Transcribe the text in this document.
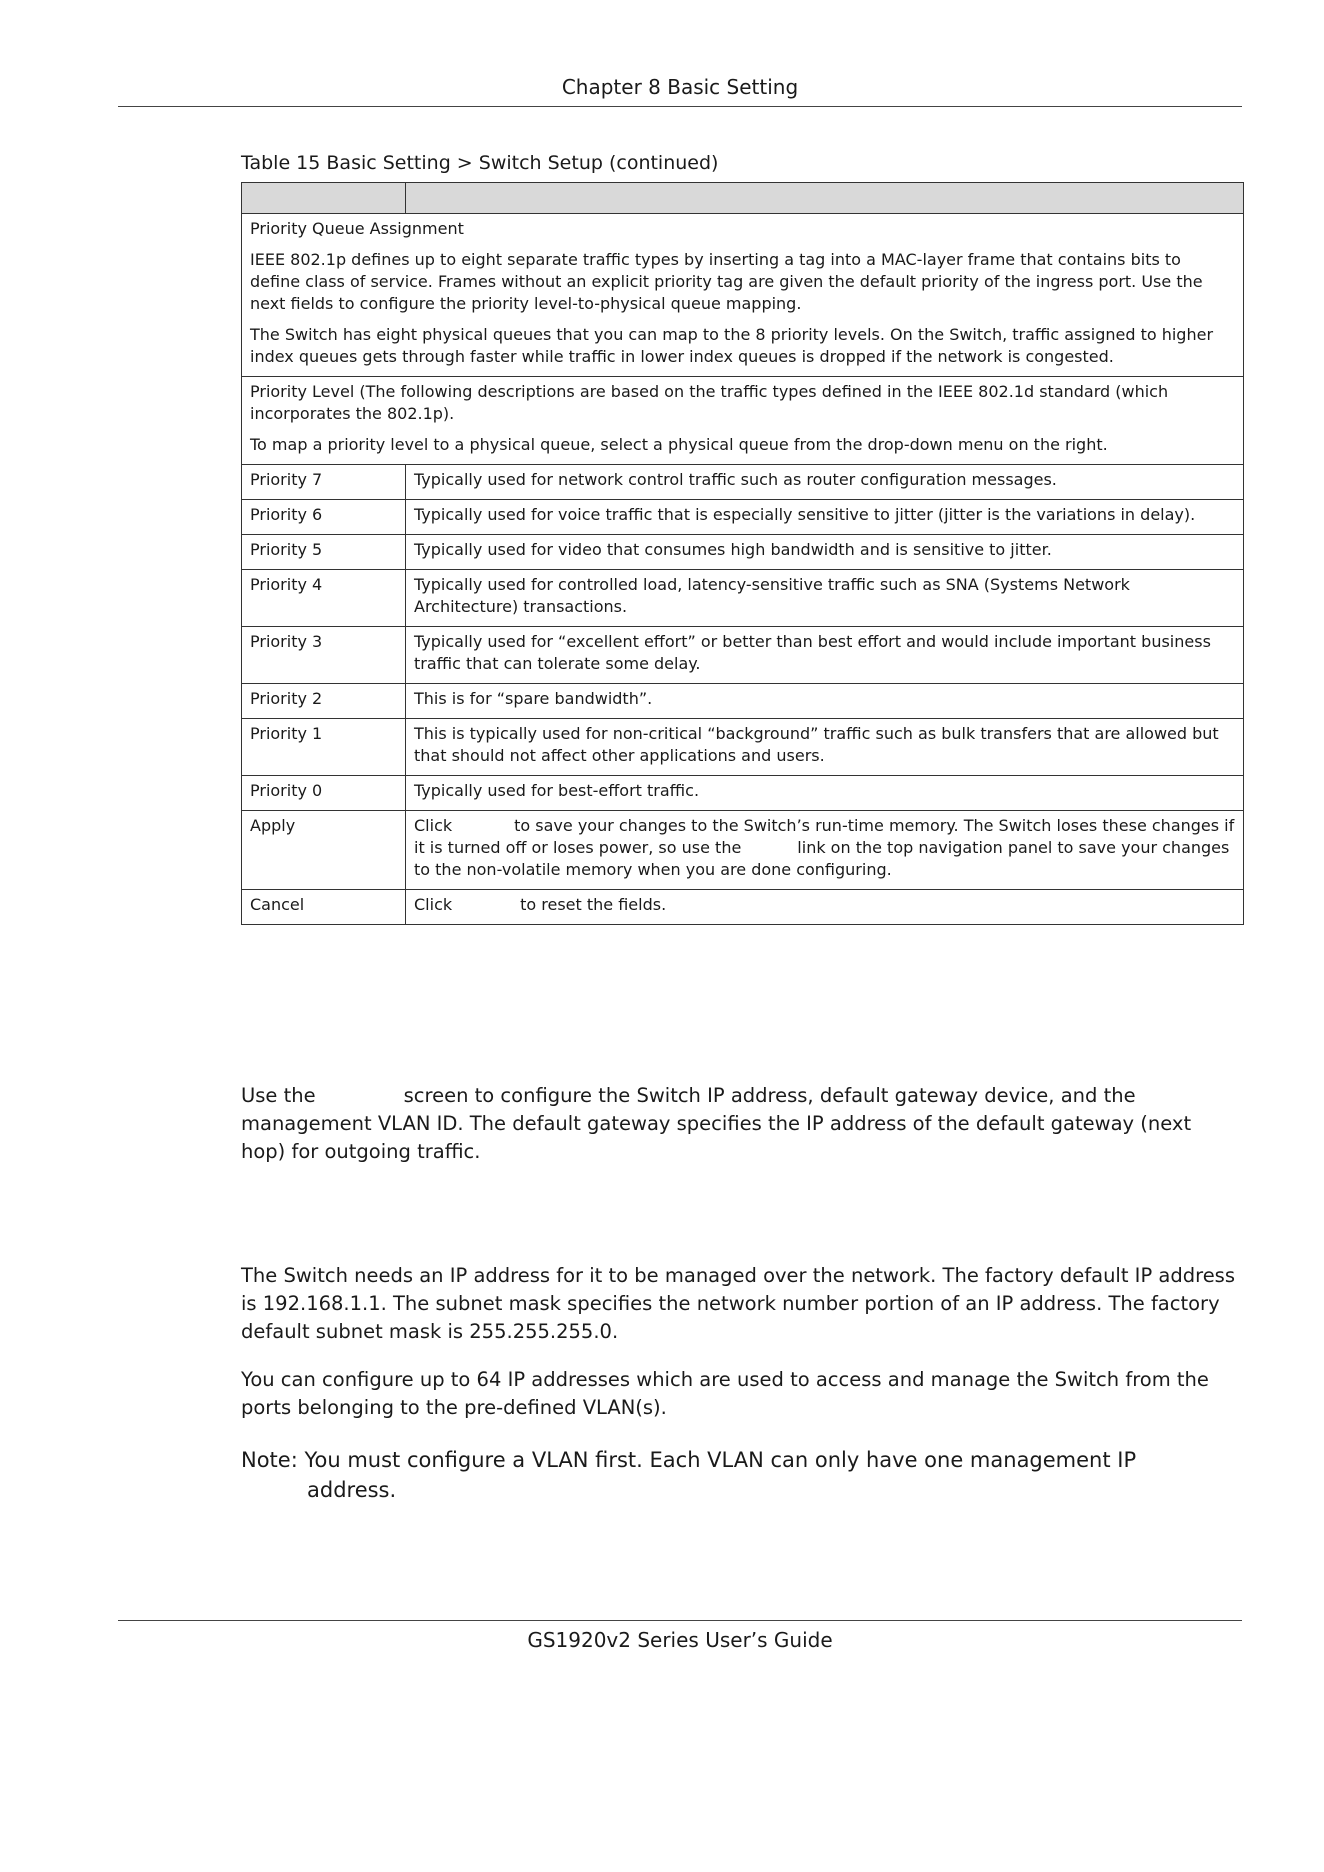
Chapter 8 Basic Setting
Table 15 Basic Setting > Switch Setup (continued)

Priority Queue Assignment

IEEE 802.1p defines up to eight separate traffic types by inserting a tag into a MAC-layer frame that contains bits to define class of service. Frames without an explicit priority tag are given the default priority of the ingress port. Use the next fields to configure the priority level-to-physical queue mapping.

The Switch has eight physical queues that you can map to the 8 priority levels. On the Switch, traffic assigned to higher index queues gets through faster while traffic in lower index queues is dropped if the network is congested.	

Priority Level (The following descriptions are based on the traffic types defined in the IEEE 802.1d standard (which incorporates the 802.1p).

To map a priority level to a physical queue, select a physical queue from the drop-down menu on the right.	

Priority 7	Typically used for network control traffic such as router configuration messages.
Priority 6	Typically used for voice traffic that is especially sensitive to jitter (jitter is the variations in delay).
Priority 5	Typically used for video that consumes high bandwidth and is sensitive to jitter.
Priority 4	Typically used for controlled load, latency-sensitive traffic such as SNA (Systems Network Architecture) transactions.
Priority 3	Typically used for “excellent effort” or better than best effort and would include important business traffic that can tolerate some delay.
Priority 2	This is for “spare bandwidth”.
Priority 1	This is typically used for non-critical “background” traffic such as bulk transfers that are allowed but that should not affect other applications and users.
Priority 0	Typically used for best-effort traffic.
Apply	Click to save your changes to the Switch’s run-time memory. The Switch loses these changes if it is turned off or loses power, so use the link on the top navigation panel to save your changes to the non-volatile memory when you are done configuring.
Cancel	Click to reset the fields.

Use the	screen to configure the Switch IP address, default gateway device, and the management VLAN ID. The default gateway specifies the IP address of the default gateway (next hop) for outgoing traffic.

The Switch needs an IP address for it to be managed over the network. The factory default IP address is 192.168.1.1. The subnet mask specifies the network number portion of an IP address. The factory default subnet mask is 255.255.255.0.

You can configure up to 64 IP addresses which are used to access and manage the Switch from the ports belonging to the pre-defined VLAN(s).

Note: You must configure a VLAN first. Each VLAN can only have one management IP
address.
GS1920v2 Series User’s Guide
